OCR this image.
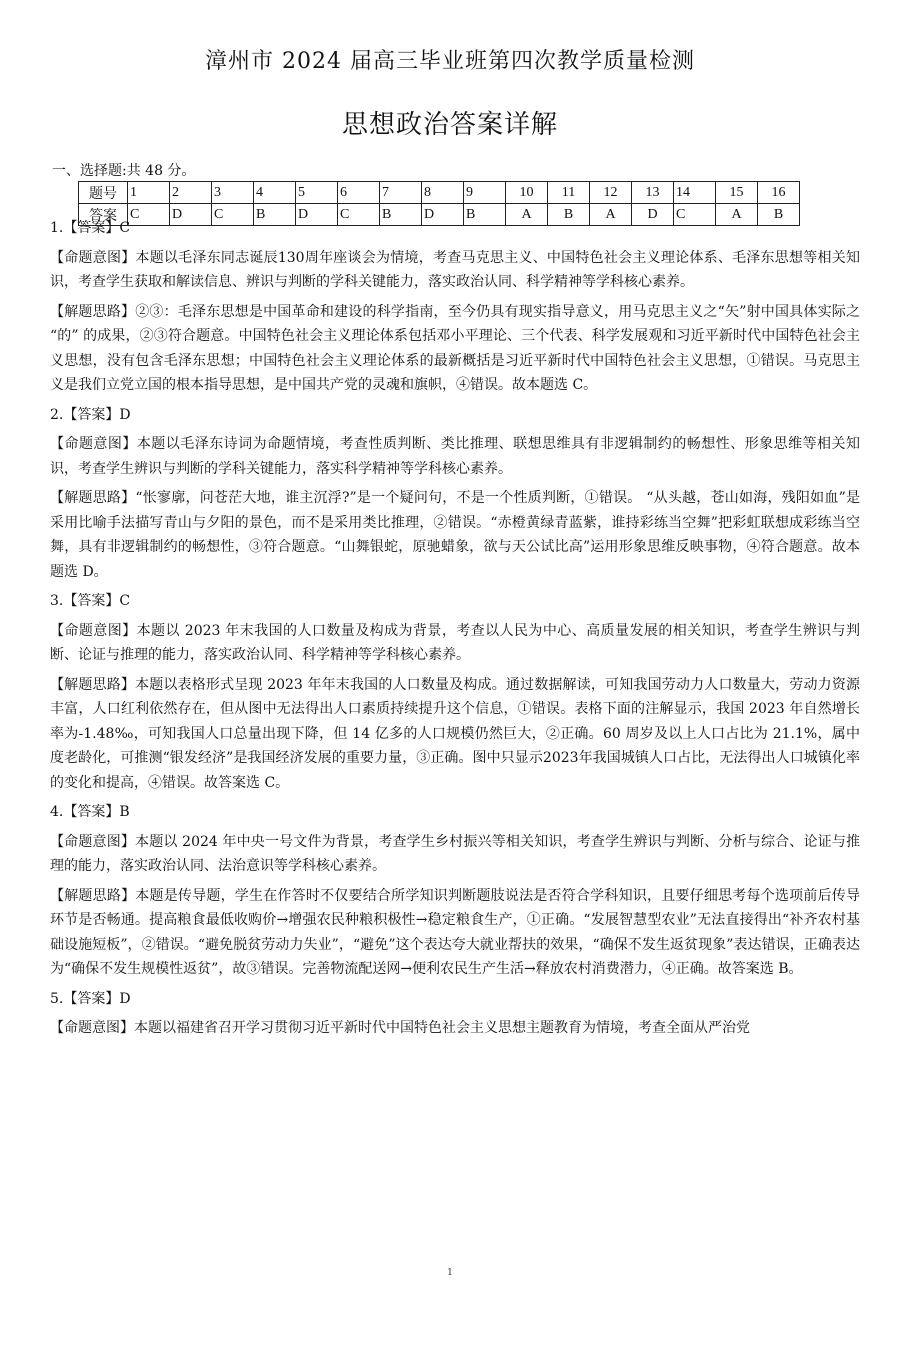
漳州市 2024 届高三毕业班第四次教学质量检测
思想政治答案详解
一、选择题:共 48 分。
题号	1	2	3	4	5	6	7	8	9	10	11	12	13	14	15	16
答案	C	D	C	B	D	C	B	D	B	A	B	A	D	C	A	B

1.【答案】C

【命题意图】本题以毛泽东同志诞辰130周年座谈会为情境，考查马克思主义、中国特色社会主义理论体系、毛泽东思想等相关知识，考查学生获取和解读信息、辨识与判断的学科关键能力，落实政治认同、科学精神等学科核心素养。

【解题思路】②③：毛泽东思想是中国革命和建设的科学指南，至今仍具有现实指导意义，用马克思主义之“矢”射中国具体实际之 “的” 的成果，②③符合题意。中国特色社会主义理论体系包括邓小平理论、三个代表、科学发展观和习近平新时代中国特色社会主义思想，没有包含毛泽东思想；中国特色社会主义理论体系的最新概括是习近平新时代中国特色社会主义思想，①错误。马克思主义是我们立党立国的根本指导思想，是中国共产党的灵魂和旗帜，④错误。故本题选 C。

2.【答案】D

【命题意图】本题以毛泽东诗词为命题情境，考查性质判断、类比推理、联想思维具有非逻辑制约的畅想性、形象思维等相关知识，考查学生辨识与判断的学科关键能力，落实科学精神等学科核心素养。

【解题思路】“怅寥廓，问苍茫大地，谁主沉浮?”是一个疑问句，不是一个性质判断，①错误。 “从头越，苍山如海，残阳如血”是采用比喻手法描写青山与夕阳的景色，而不是采用类比推理，②错误。“赤橙黄绿青蓝紫，谁持彩练当空舞”把彩虹联想成彩练当空舞，具有非逻辑制约的畅想性，③符合题意。“山舞银蛇，原驰蜡象，欲与天公试比高”运用形象思维反映事物，④符合题意。故本题选 D。

3.【答案】C

【命题意图】本题以 2023 年末我国的人口数量及构成为背景，考查以人民为中心、高质量发展的相关知识，考查学生辨识与判断、论证与推理的能力，落实政治认同、科学精神等学科核心素养。

【解题思路】本题以表格形式呈现 2023 年年末我国的人口数量及构成。通过数据解读，可知我国劳动力人口数量大，劳动力资源丰富，人口红利依然存在，但从图中无法得出人口素质持续提升这个信息，①错误。表格下面的注解显示，我国 2023 年自然增长率为-1.48‰，可知我国人口总量出现下降，但 14 亿多的人口规模仍然巨大，②正确。60 周岁及以上人口占比为 21.1%，属中度老龄化，可推测“银发经济”是我国经济发展的重要力量，③正确。图中只显示2023年我国城镇人口占比，无法得出人口城镇化率的变化和提高，④错误。故答案选 C。

4.【答案】B

【命题意图】本题以 2024 年中央一号文件为背景，考查学生乡村振兴等相关知识，考查学生辨识与判断、分析与综合、论证与推理的能力，落实政治认同、法治意识等学科核心素养。

【解题思路】本题是传导题，学生在作答时不仅要结合所学知识判断题肢说法是否符合学科知识，且要仔细思考每个选项前后传导环节是否畅通。提高粮食最低收购价→增强农民种粮积极性→稳定粮食生产，①正确。“发展智慧型农业”无法直接得出“补齐农村基础设施短板”，②错误。“避免脱贫劳动力失业”，“避免”这个表达夸大就业帮扶的效果，“确保不发生返贫现象”表达错误，正确表达为“确保不发生规模性返贫”，故③错误。完善物流配送网→便利农民生产生活→释放农村消费潜力，④正确。故答案选 B。

5.【答案】D

【命题意图】本题以福建省召开学习贯彻习近平新时代中国特色社会主义思想主题教育为情境，考查全面从严治党

1
